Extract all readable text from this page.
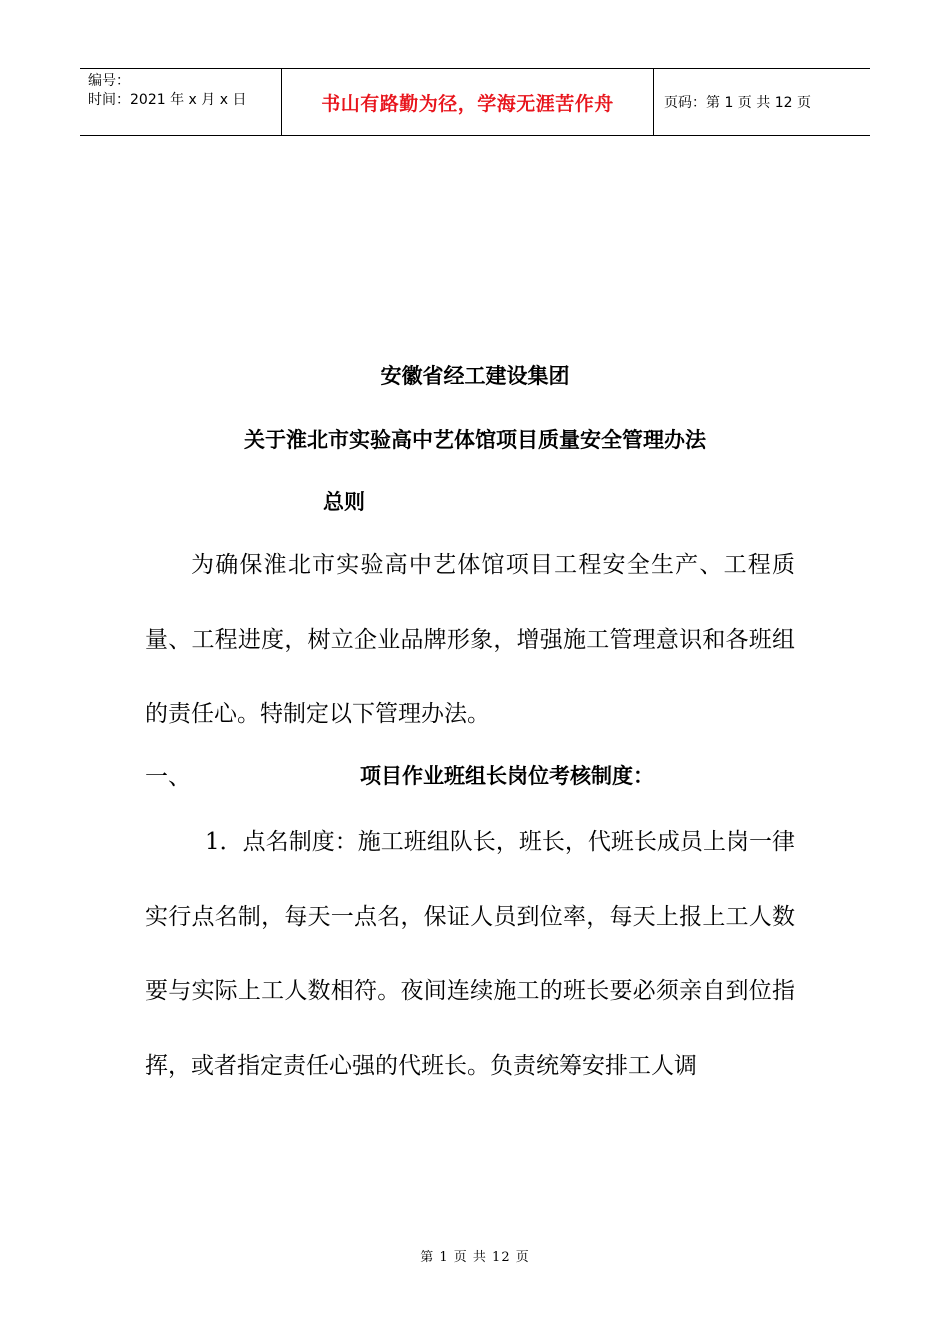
编号：
时间：2021 年 x 月 x 日	书山有路勤为径，学海无涯苦作舟	页码：第 1 页 共 12 页
安徽省经工建设集团
关于淮北市实验高中艺体馆项目质量安全管理办法
总则

为确保淮北市实验高中艺体馆项目工程安全生产、工程质量、工程进度，树立企业品牌形象，增强施工管理意识和各班组的责任心。特制定以下管理办法。

一、	项目作业班组长岗位考核制度：

1．点名制度：施工班组队长，班长，代班长成员上岗一律实行点名制，每天一点名，保证人员到位率，每天上报上工人数要与实际上工人数相符。夜间连续施工的班长要必须亲自到位指挥，或者指定责任心强的代班长。负责统筹安排工人调

第 1 页 共 12 页
